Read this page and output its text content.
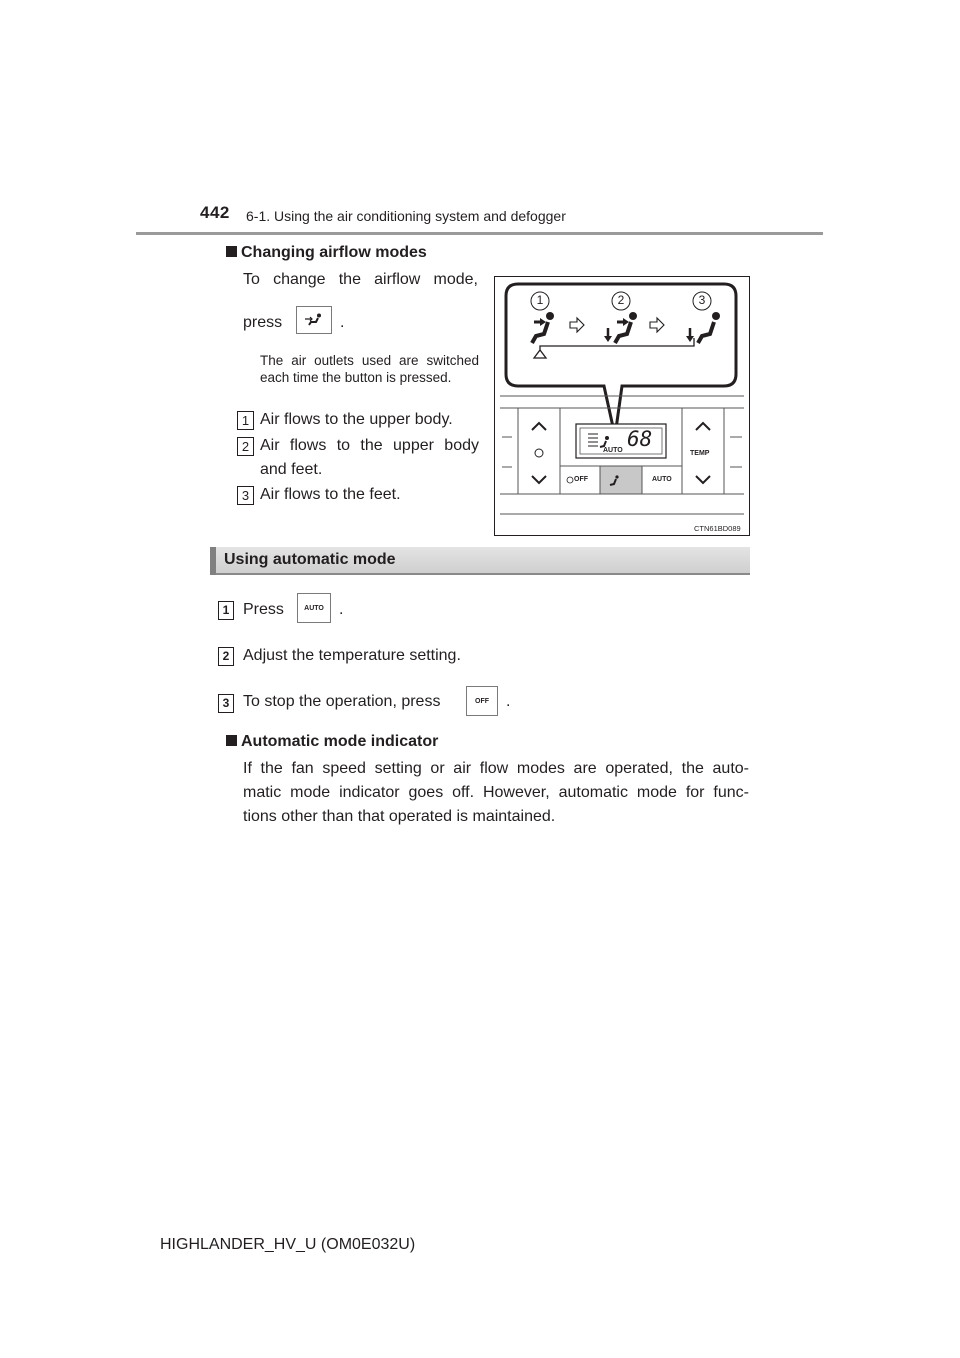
442 6-1. Using the air conditioning system and defogger
Changing airflow modes
To change the airflow mode,
press	.
The air outlets used are switched each time the button is pressed.
1 Air flows to the upper body.
2 Air flows to the upper body
and feet.
3 Air flows to the feet.
1	2	3
68
AUTO
OFF	AUTO
TEMP
CTN61BD089
Using automatic mode
1 Press	AUTO .
2 Adjust the temperature setting.
3 To stop the operation, press	OFF	.
Automatic mode indicator
If the fan speed setting or air flow modes are operated, the auto-
matic mode indicator goes off. However, automatic mode for func-
tions other than that operated is maintained.
HIGHLANDER_HV_U (OM0E032U)
